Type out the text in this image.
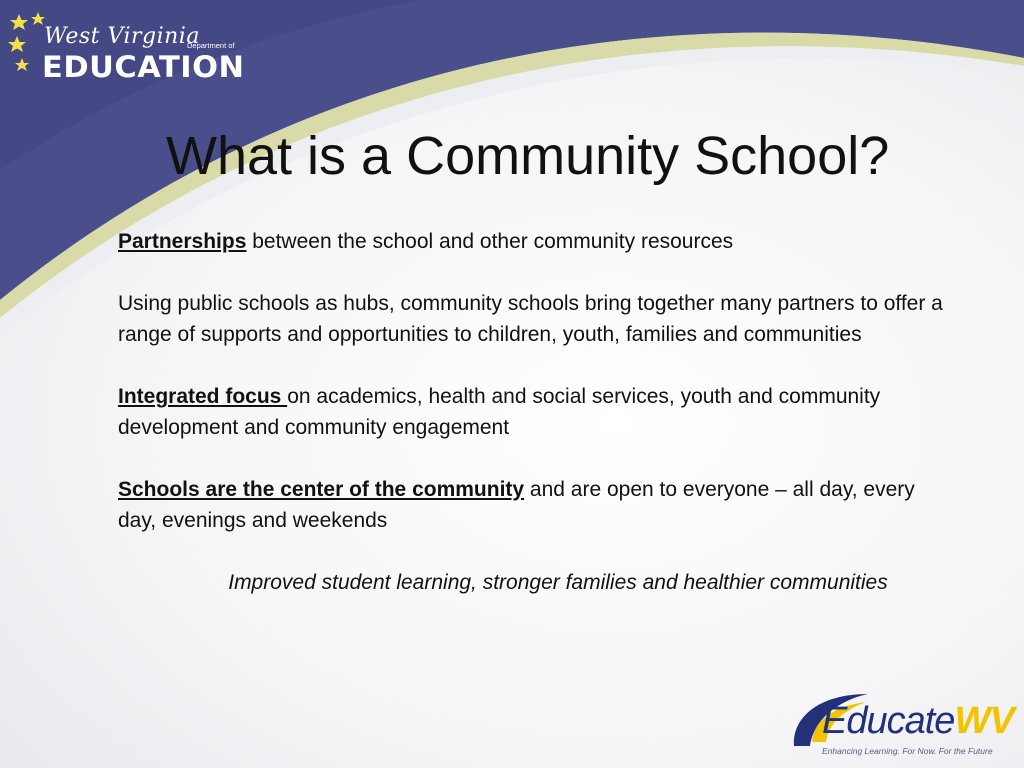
West Virginia
Department of
EDUCATION
What is a Community School?

Partnerships between the school and other community resources

Using public schools as hubs, community schools bring together many partners to offer a range of supports and opportunities to children, youth, families and communities

Integrated focus on academics, health and social services, youth and community development and community engagement

Schools are the center of the community and are open to everyone – all day, every day, evenings and weekends

Improved student learning, stronger families and healthier communities
EducateWV
Enhancing Learning. For Now. For the Future
